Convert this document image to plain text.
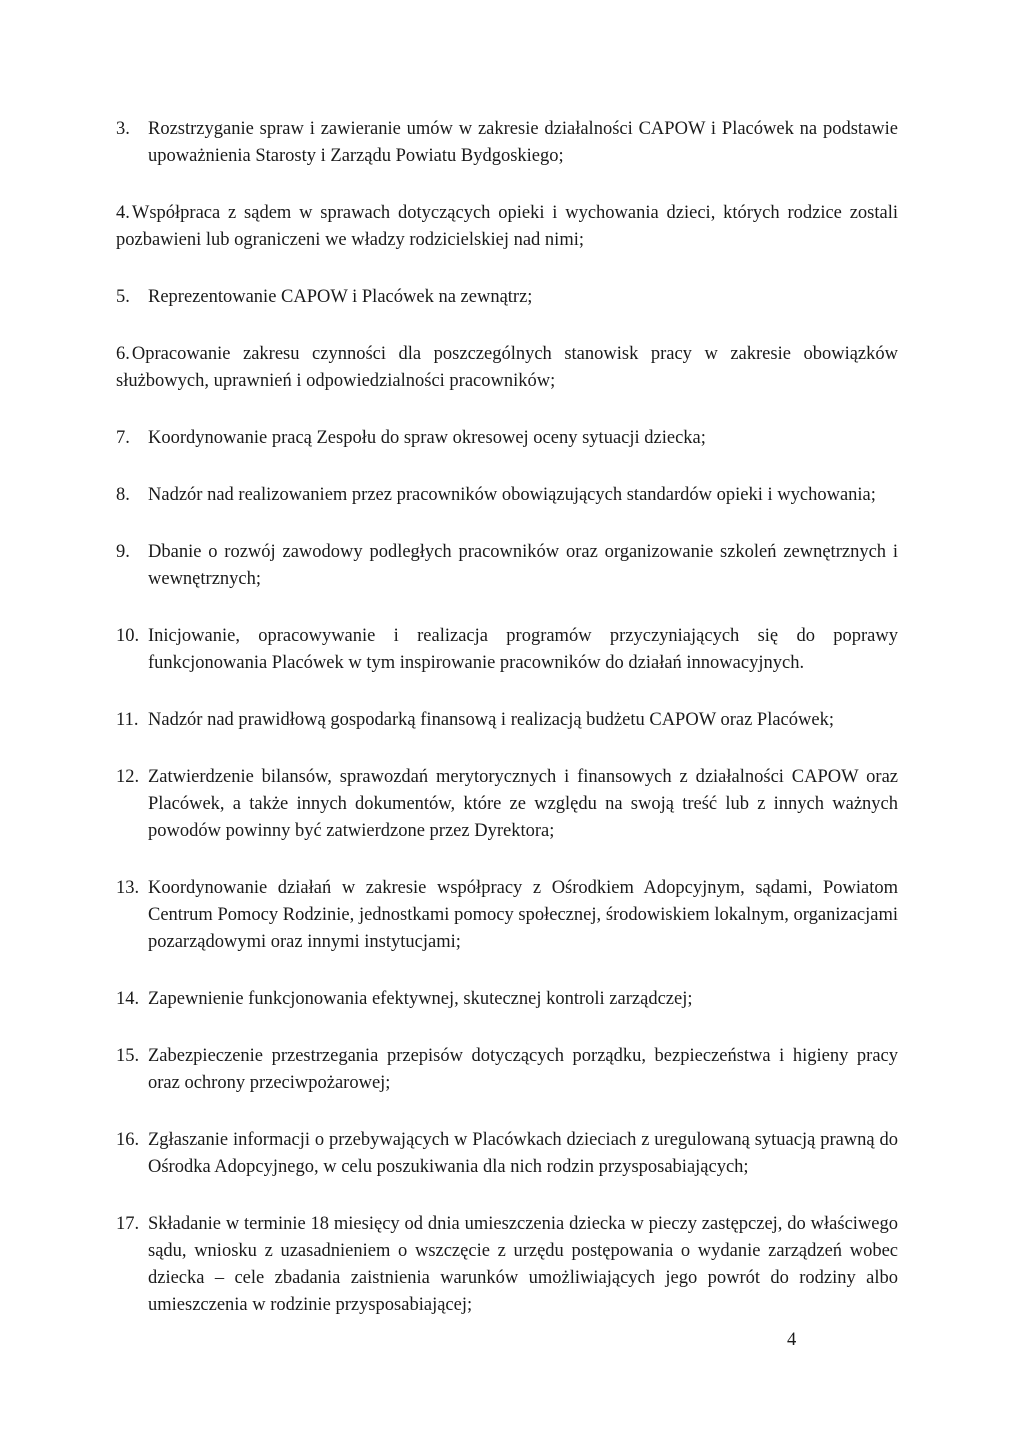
3. Rozstrzyganie spraw i zawieranie umów w zakresie działalności CAPOW i Placówek na podstawie upoważnienia Starosty i Zarządu Powiatu Bydgoskiego;

4. Współpraca z sądem w sprawach dotyczących opieki i wychowania dzieci, których rodzice zostali pozbawieni lub ograniczeni we władzy rodzicielskiej nad nimi;

5. Reprezentowanie CAPOW i Placówek na zewnątrz;

6. Opracowanie zakresu czynności dla poszczególnych stanowisk pracy w zakresie obowiązków służbowych, uprawnień i odpowiedzialności pracowników;

7. Koordynowanie pracą Zespołu do spraw okresowej oceny sytuacji dziecka;

8. Nadzór nad realizowaniem przez pracowników obowiązujących standardów opieki i wychowania;

9. Dbanie o rozwój zawodowy podległych pracowników oraz organizowanie szkoleń zewnętrznych i wewnętrznych;

10. Inicjowanie, opracowywanie i realizacja programów przyczyniających się do poprawy funkcjonowania Placówek w tym inspirowanie pracowników do działań innowacyjnych.

11. Nadzór nad prawidłową gospodarką finansową i realizacją budżetu CAPOW oraz Placówek;

12. Zatwierdzenie bilansów, sprawozdań merytorycznych i finansowych z działalności CAPOW oraz Placówek, a także innych dokumentów, które ze względu na swoją treść lub z innych ważnych powodów powinny być zatwierdzone przez Dyrektora;

13. Koordynowanie działań w zakresie współpracy z Ośrodkiem Adopcyjnym, sądami, Powiatom Centrum Pomocy Rodzinie, jednostkami pomocy społecznej, środowiskiem lokalnym, organizacjami pozarządowymi oraz innymi instytucjami;

14. Zapewnienie funkcjonowania efektywnej, skutecznej kontroli zarządczej;

15. Zabezpieczenie przestrzegania przepisów dotyczących porządku, bezpieczeństwa i higieny pracy oraz ochrony przeciwpożarowej;

16. Zgłaszanie informacji o przebywających w Placówkach dzieciach z uregulowaną sytuacją prawną do Ośrodka Adopcyjnego, w celu poszukiwania dla nich rodzin przysposabiających;

17. Składanie w terminie 18 miesięcy od dnia umieszczenia dziecka w pieczy zastępczej, do właściwego sądu, wniosku z uzasadnieniem o wszczęcie z urzędu postępowania o wydanie zarządzeń wobec dziecka – cele zbadania zaistnienia warunków umożliwiających jego powrót do rodziny albo umieszczenia w rodzinie przysposabiającej;

4
